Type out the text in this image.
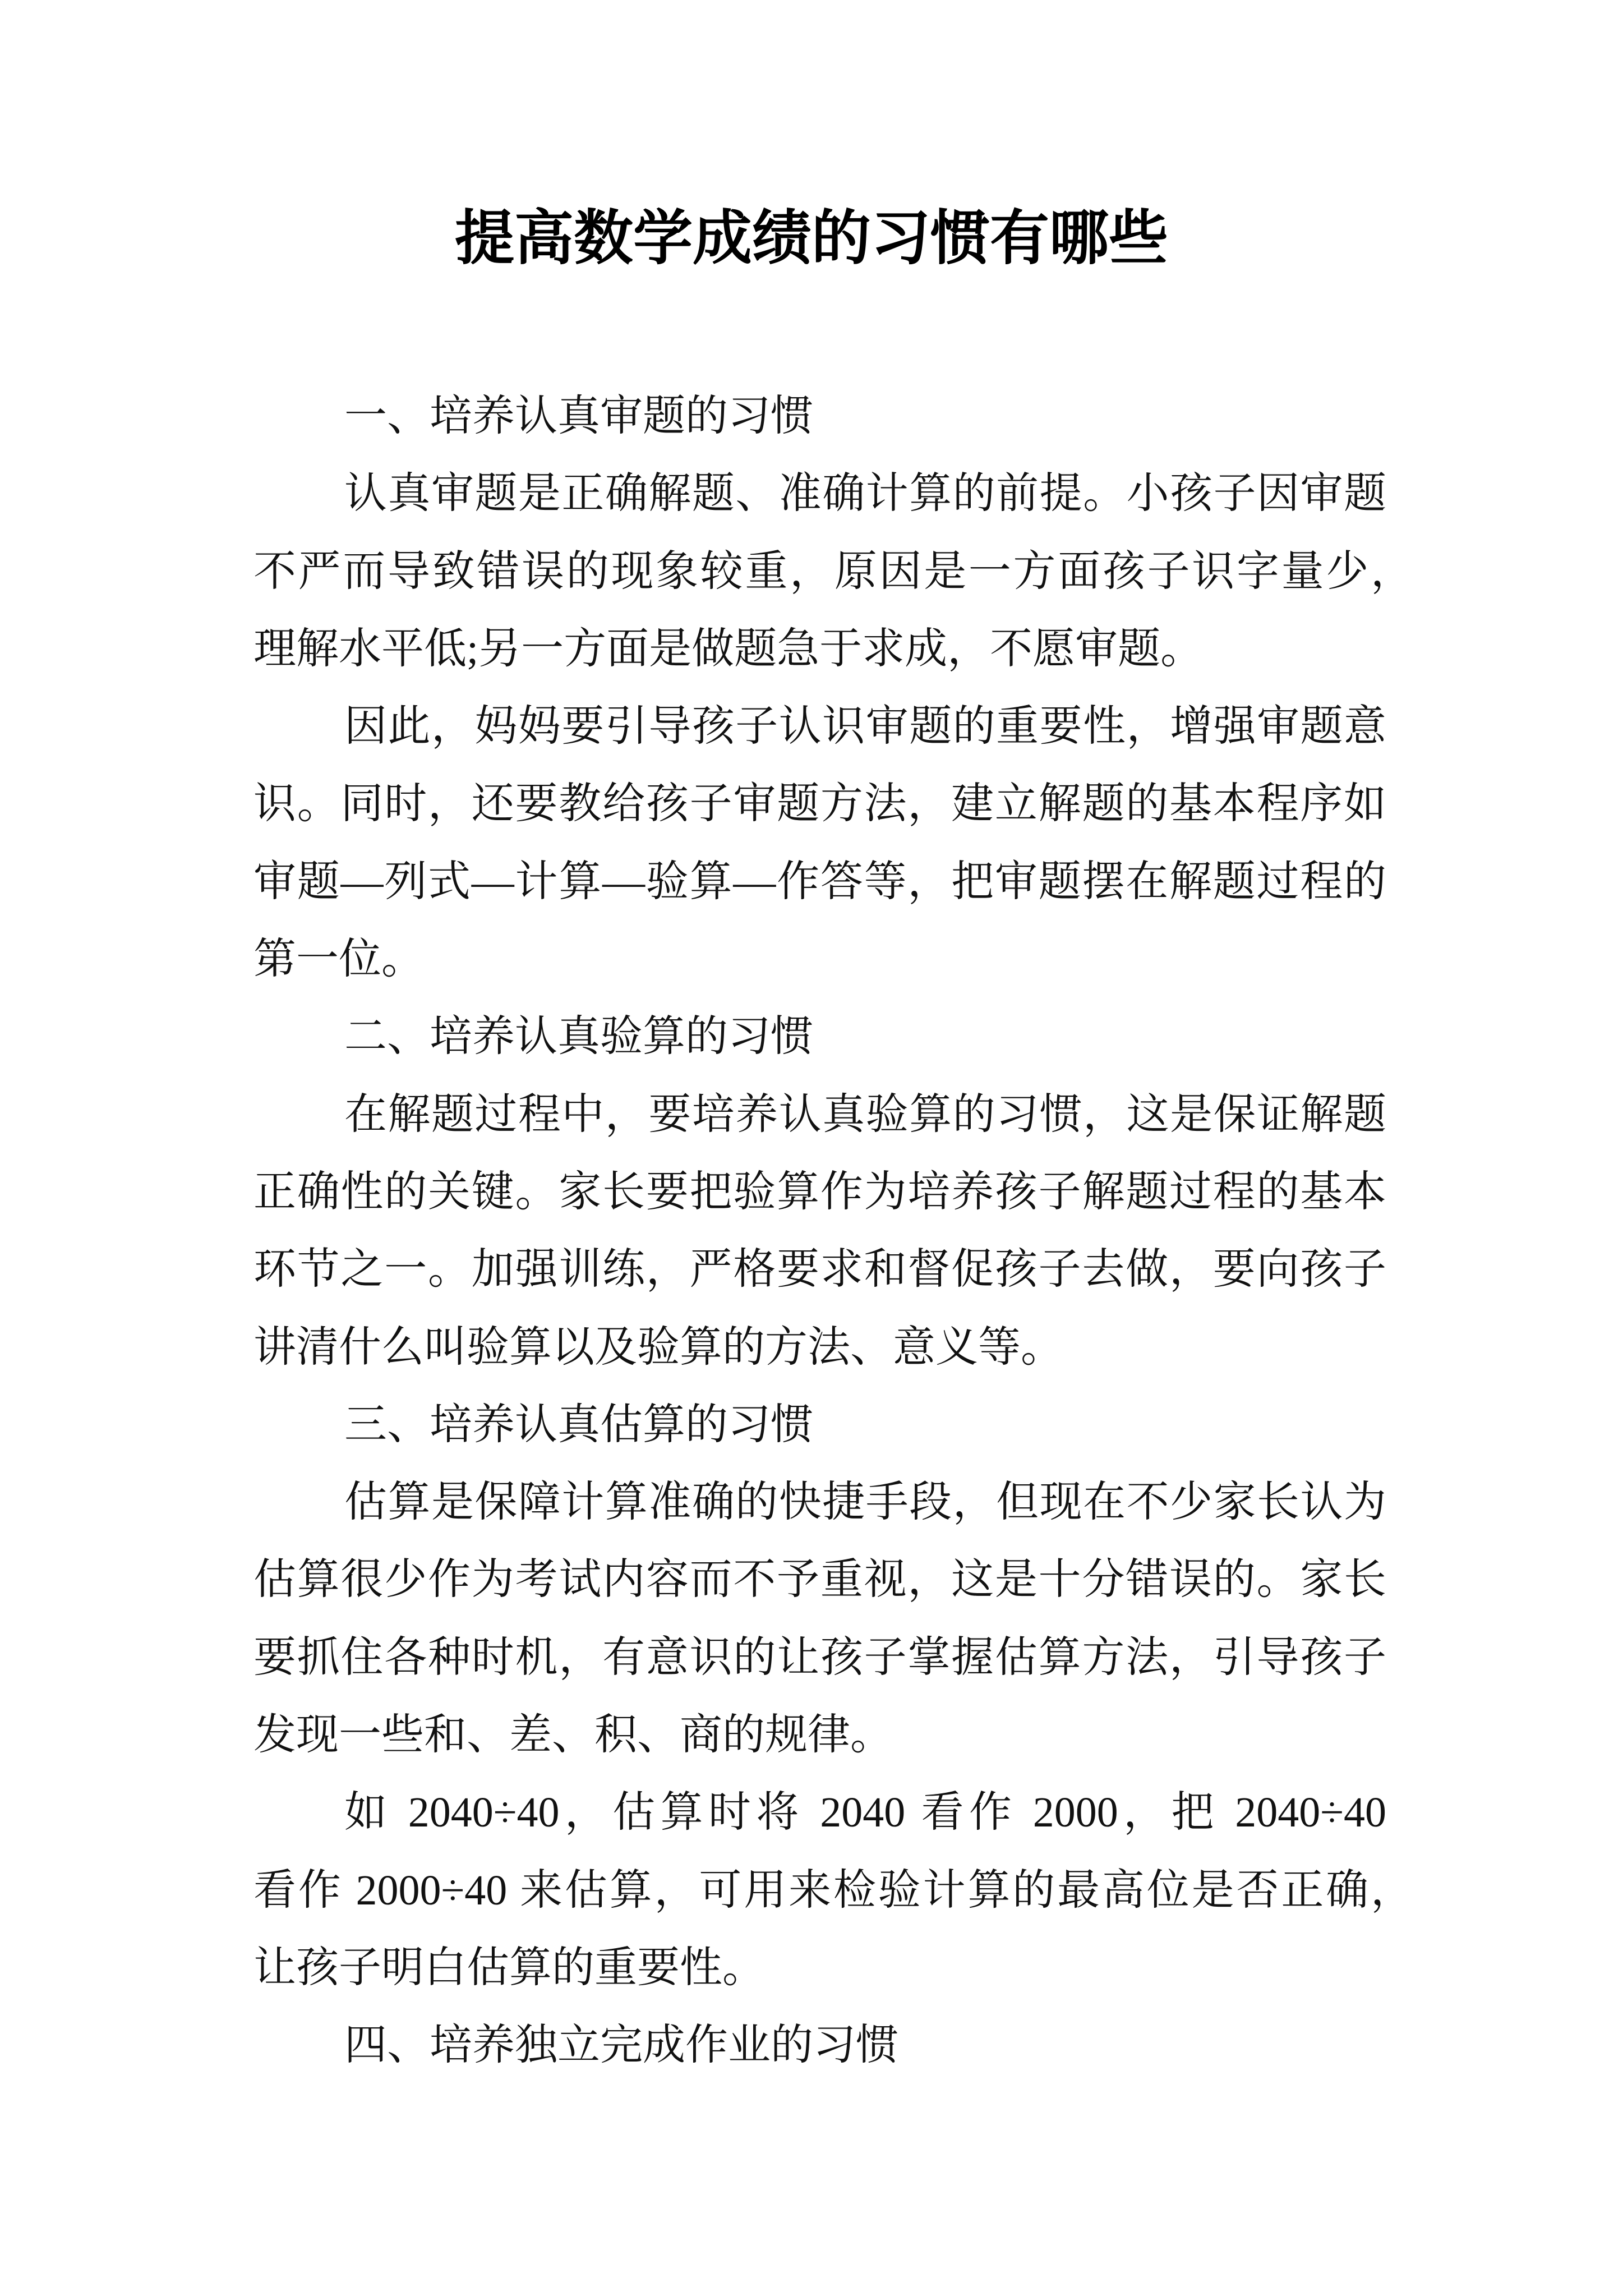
提高数学成绩的习惯有哪些
一、培养认真审题的习惯
认真审题是正确解题、准确计算的前提。小孩子因审题
不严而导致错误的现象较重，原因是一方面孩子识字量少，
理解水平低;另一方面是做题急于求成，不愿审题。
因此，妈妈要引导孩子认识审题的重要性，增强审题意
识。同时，还要教给孩子审题方法，建立解题的基本程序如
审题—列式—计算—验算—作答等，把审题摆在解题过程的
第一位。
二、培养认真验算的习惯
在解题过程中，要培养认真验算的习惯，这是保证解题
正确性的关键。家长要把验算作为培养孩子解题过程的基本
环节之一。加强训练，严格要求和督促孩子去做，要向孩子
讲清什么叫验算以及验算的方法、意义等。
三、培养认真估算的习惯
估算是保障计算准确的快捷手段，但现在不少家长认为
估算很少作为考试内容而不予重视，这是十分错误的。家长
要抓住各种时机，有意识的让孩子掌握估算方法，引导孩子
发现一些和、差、积、商的规律。
如 2040÷40，估算时将 2040 看作 2000，把 2040÷40
看作 2000÷40 来估算，可用来检验计算的最高位是否正确，
让孩子明白估算的重要性。
四、培养独立完成作业的习惯
